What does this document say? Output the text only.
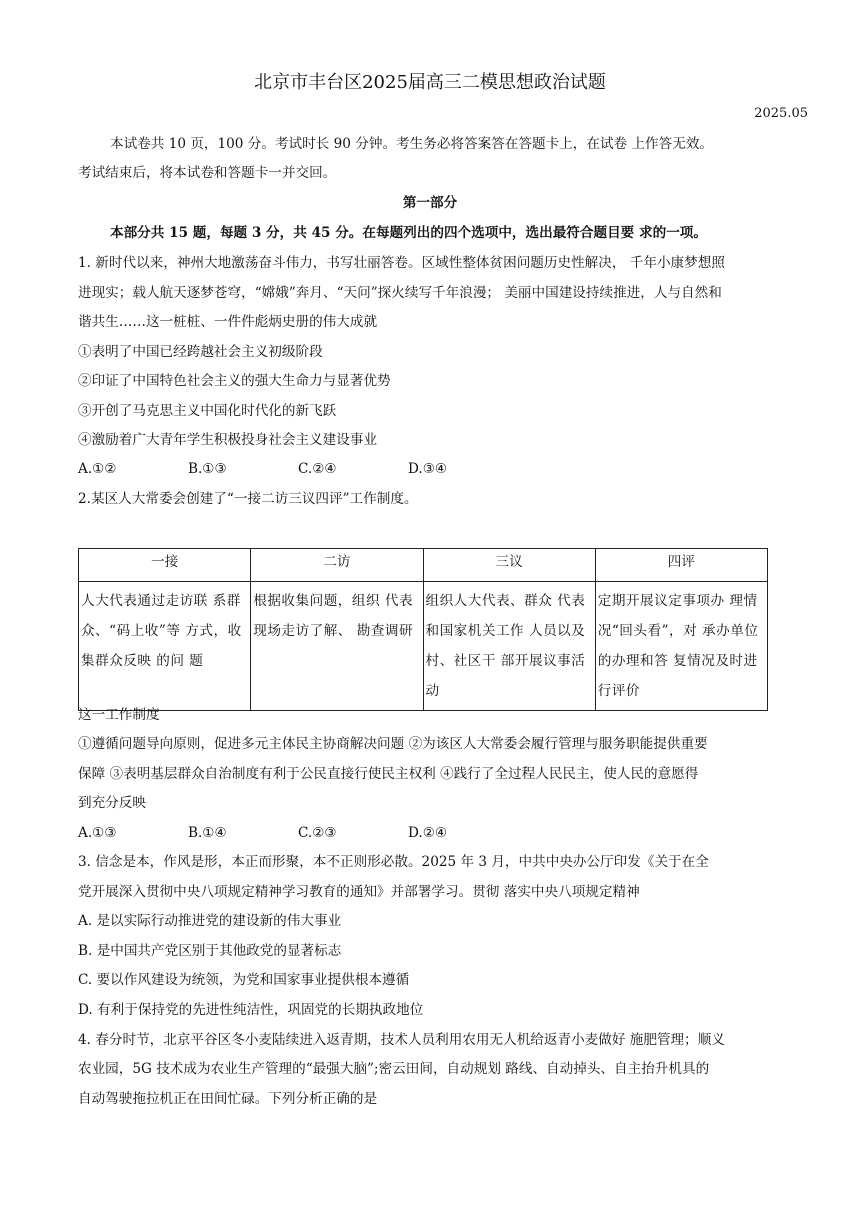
北京市丰台区2025届高三二模思想政治试题
2025.05
本试卷共 10 页，100 分。考试时长 90 分钟。考生务必将答案答在答题卡上，在试卷 上作答无效。
考试结束后，将本试卷和答题卡一并交回。
第一部分
本部分共 15 题，每题 3 分，共 45 分。在每题列出的四个选项中，选出最符合题目要 求的一项。
1. 新时代以来，神州大地激荡奋斗伟力，书写壮丽答卷。区域性整体贫困问题历史性解决， 千年小康梦想照
进现实；载人航天逐梦苍穹，“嫦娥”奔月、“天问”探火续写千年浪漫； 美丽中国建设持续推进，人与自然和
谐共生……这一桩桩、一件件彪炳史册的伟大成就
①表明了中国已经跨越社会主义初级阶段
②印证了中国特色社会主义的强大生命力与显著优势
③开创了马克思主义中国化时代化的新飞跃
④激励着广大青年学生积极投身社会主义建设事业
A.①②	B.①③	C.②④	D.③④
2.某区人大常委会创建了“一接二访三议四评”工作制度。
一接	二访	三议	四评
人大代表通过走访联 系群众、“码上收”等 方式，收集群众反映 的问 题	根据收集问题，组织 代表现场走访了解、 勘查调研	组织人大代表、群众 代表和国家机关工作 人员以及村、社区干 部开展议事活动	定期开展议定事项办 理情况“回头看”，对 承办单位的办理和答 复情况及时进行评价
这一工作制度
①遵循问题导向原则，促进多元主体民主协商解决问题 ②为该区人大常委会履行管理与服务职能提供重要
保障 ③表明基层群众自治制度有利于公民直接行使民主权利 ④践行了全过程人民民主，使人民的意愿得
到充分反映
A.①③	B.①④	C.②③	D.②④
3. 信念是本，作风是形，本正而形聚，本不正则形必散。2025 年 3 月，中共中央办公厅印发《关于在全
党开展深入贯彻中央八项规定精神学习教育的通知》并部署学习。贯彻 落实中央八项规定精神
A. 是以实际行动推进党的建设新的伟大事业
B. 是中国共产党区别于其他政党的显著标志
C. 要以作风建设为统领，为党和国家事业提供根本遵循
D. 有利于保持党的先进性纯洁性，巩固党的长期执政地位
4. 春分时节，北京平谷区冬小麦陆续进入返青期，技术人员利用农用无人机给返青小麦做好 施肥管理；顺义
农业园，5G 技术成为农业生产管理的“最强大脑”;密云田间，自动规划 路线、自动掉头、自主抬升机具的
自动驾驶拖拉机正在田间忙碌。下列分析正确的是
